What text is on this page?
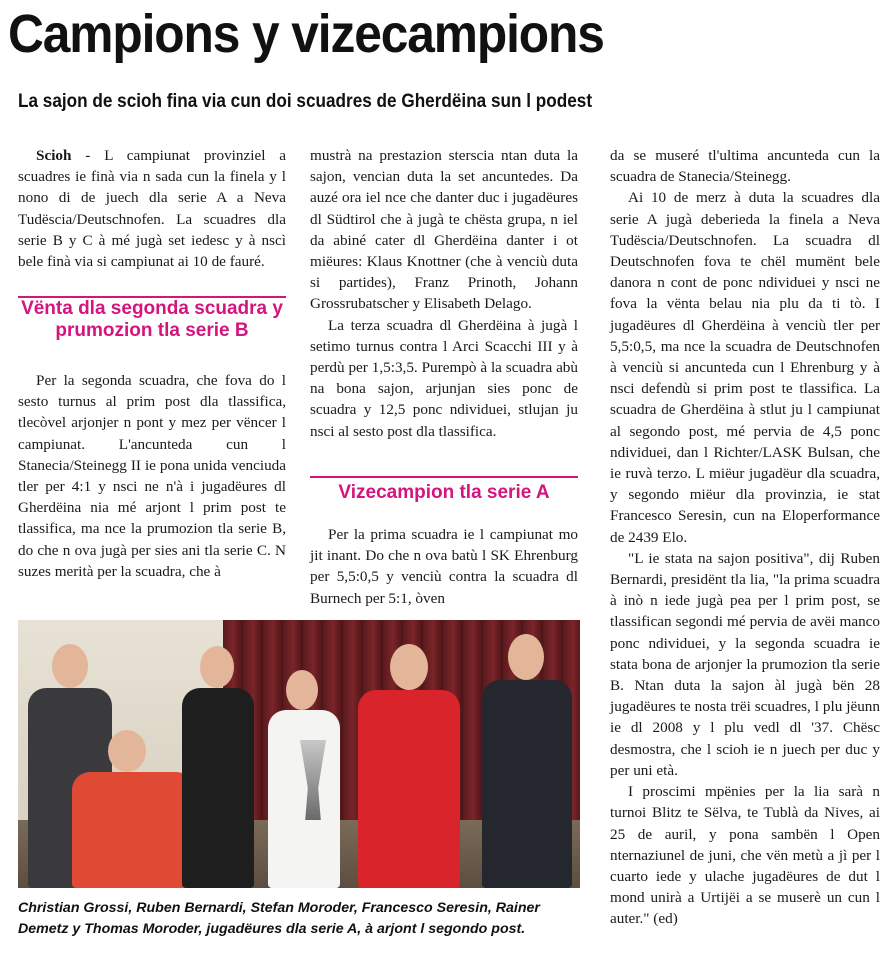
Campions y vizecampions
La sajon de scioh fina via cun doi scuadres de Gherdëina sun l podest

Scioh - L campiunat provinziel a scuadres ie finà via n sada cun la finela y l nono di de juech dla serie A a Neva Tudëscia/Deutschnofen. La scuadres dla serie B y C à mé jugà set iedesc y à nscì bele finà via si campiunat ai 10 de fauré.

Vënta dla segonda scuadra y prumozion tla serie B

Per la segonda scuadra, che fova do l sesto turnus al prim post dla tlassifica, tlecòvel arjonjer n pont y mez per vëncer l campiunat. L'ancunteda cun l Stanecia/Steinegg II ie pona unida venciuda tler per 4:1 y nsci ne n'à i jugadëures dl Gherdëina nia mé arjont l prim post te tlassifica, ma nce la prumozion tla serie B, do che n ova jugà per sies ani tla serie C. N suzes merità per la scuadra, che à

mustrà na prestazion sterscia ntan duta la sajon, vencian duta la set ancuntedes. Da auzé ora iel nce che danter duc i jugadëures dl Südtirol che à jugà te chësta grupa, n iel da abiné cater dl Gherdëina danter i ot miëures: Klaus Knottner (che à venciù duta si partides), Franz Prinoth, Johann Grossrubatscher y Elisabeth Delago.

La terza scuadra dl Gherdëina à jugà l setimo turnus contra l Arci Scacchi III y à perdù per 1,5:3,5. Purempò à la scuadra abù na bona sajon, arjunjan sies ponc de scuadra y 12,5 ponc ndividuei, stlujan ju nsci al sesto post dla tlassifica.

Vizecampion tla serie A

Per la prima scuadra ie l campiunat mo jit inant. Do che n ova batù l SK Ehrenburg per 5,5:0,5 y venciù contra la scuadra dl Burnech per 5:1, òven

da se museré tl'ultima ancunteda cun la scuadra de Stanecia/Steinegg.

Ai 10 de merz à duta la scuadres dla serie A jugà deberieda la finela a Neva Tudëscia/Deutschnofen. La scuadra dl Deutschnofen fova te chël mumënt bele danora n cont de ponc ndividuei y nsci ne fova la vënta belau nia plu da ti tò. I jugadëures dl Gherdëina à venciù tler per 5,5:0,5, ma nce la scuadra de Deutschnofen à venciù si ancunteda cun l Ehrenburg y à nsci defendù si prim post te tlassifica. La scuadra de Gherdëina à stlut ju l campiunat al segondo post, mé pervia de 4,5 ponc ndividuei, dan l Richter/LASK Bulsan, che ie ruvà terzo. L miëur jugadëur dla scuadra, y segondo miëur dla provinzia, ie stat Francesco Seresin, cun na Eloperformance de 2439 Elo.

"L ie stata na sajon positiva", dij Ruben Bernardi, presidënt tla lia, "la prima scuadra à inò n iede jugà pea per l prim post, se tlassifican segondi mé pervia de avëi manco ponc ndividuei, y la segonda scuadra ie stata bona de arjonjer la prumozion tla serie B. Ntan duta la sajon àl jugà bën 28 jugadëures te nosta trëi scuadres, l plu jëunn ie dl 2008 y l plu vedl dl '37. Chësc desmostra, che l scioh ie n juech per duc y per uni età.

I proscimi mpënies per la lia sarà n turnoi Blitz te Sëlva, te Tublà da Nives, ai 25 de auril, y pona sambën l Open nternaziunel de juni, che vën metù a jì per l cuarto iede y ulache jugadëures de dut l mond unirà a Urtijëi a se muserè un cun l auter." (ed)

Christian Grossi, Ruben Bernardi, Stefan Moroder, Francesco Seresin, Rainer Demetz y Thomas Moroder, jugadëures dla serie A, à arjont l segondo post.
